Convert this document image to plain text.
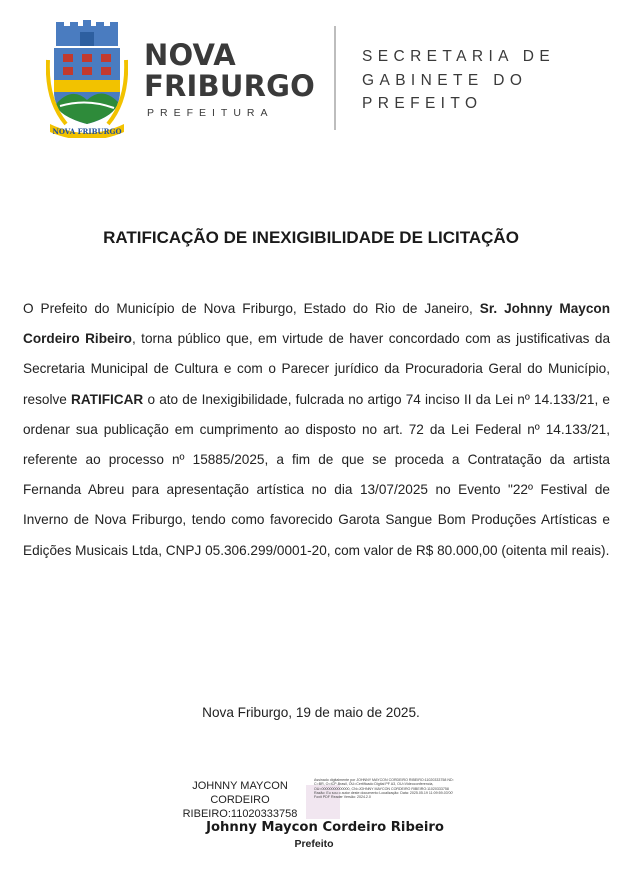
NOVA FRIBURGO
NOVA
FRIBURGO
PREFEITURA
SECRETARIA DE
GABINETE DO
PREFEITO
RATIFICAÇÃO DE INEXIGIBILIDADE DE LICITAÇÃO
O Prefeito do Município de Nova Friburgo, Estado do Rio de Janeiro, Sr. Johnny Maycon Cordeiro Ribeiro, torna público que, em virtude de haver concordado com as justificativas da Secretaria Municipal de Cultura e com o Parecer jurídico da Procuradoria Geral do Município, resolve RATIFICAR o ato de Inexigibilidade, fulcrada no artigo 74 inciso II da Lei nº 14.133/21, e ordenar sua publicação em cumprimento ao disposto no art. 72 da Lei Federal nº 14.133/21, referente ao processo nº 15885/2025, a fim de que se proceda a Contratação da artista Fernanda Abreu para apresentação artística no dia 13/07/2025 no Evento "22º Festival de Inverno de Nova Friburgo, tendo como favorecido Garota Sangue Bom Produções Artísticas e Edições Musicais Ltda, CNPJ 05.306.299/0001-20, com valor de R$ 80.000,00 (oitenta mil reais).
Nova Friburgo, 19 de maio de 2025.
JOHNNY MAYCON
CORDEIRO
RIBEIRO:11020333758
Assinado digitalmente por JOHNNY MAYCON CORDEIRO RIBEIRO:11020333758 ND: C=BR, O=ICP-Brasil, OU=Certificado Digital PF A3, OU=Videoconferencia, OU=00000000000000, CN=JOHNNY MAYCON CORDEIRO RIBEIRO:11020333758 Razão: Eu sou o autor deste documento Localização: Data: 2025.05.19 11:09:59-03'00' Foxit PDF Reader Versão: 2024.2.0
Johnny Maycon Cordeiro Ribeiro
Prefeito
